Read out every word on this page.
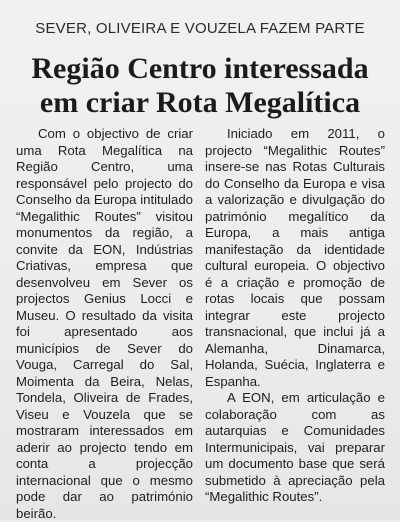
SEVER, OLIVEIRA E VOUZELA FAZEM PARTE
Região Centro interessada
em criar Rota Megalítica

Com o objectivo de criar uma Rota Megalítica na Região Centro, uma responsável pelo projecto do Conselho da Europa intitulado “Megalithic Routes” visitou monumentos da região, a convite da EON, Indústrias Criativas, empresa que desenvolveu em Sever os projectos Genius Locci e Museu. O resultado da visita foi apresentado aos municípios de Sever do Vouga, Carregal do Sal, Moimenta da Beira, Nelas, Tondela, Oliveira de Frades, Viseu e Vouzela que se mostraram interessados em aderir ao projecto tendo em conta a projecção internacional que o mesmo pode dar ao património beirão.

Iniciado em 2011, o projecto “Megalithic Routes” insere-se nas Rotas Culturais do Conselho da Europa e visa a valorização e divulgação do património megalítico da Europa, a mais antiga manifestação da identidade cultural europeia. O objectivo é a criação e promoção de rotas locais que possam integrar este projecto transnacional, que inclui já a Alemanha, Dinamarca, Holanda, Suécia, Inglaterra e Espanha.

A EON, em articulação e colaboração com as autarquias e Comunidades Intermunicipais, vai preparar um documento base que será submetido à apreciação pela “Megalithic Routes”.
